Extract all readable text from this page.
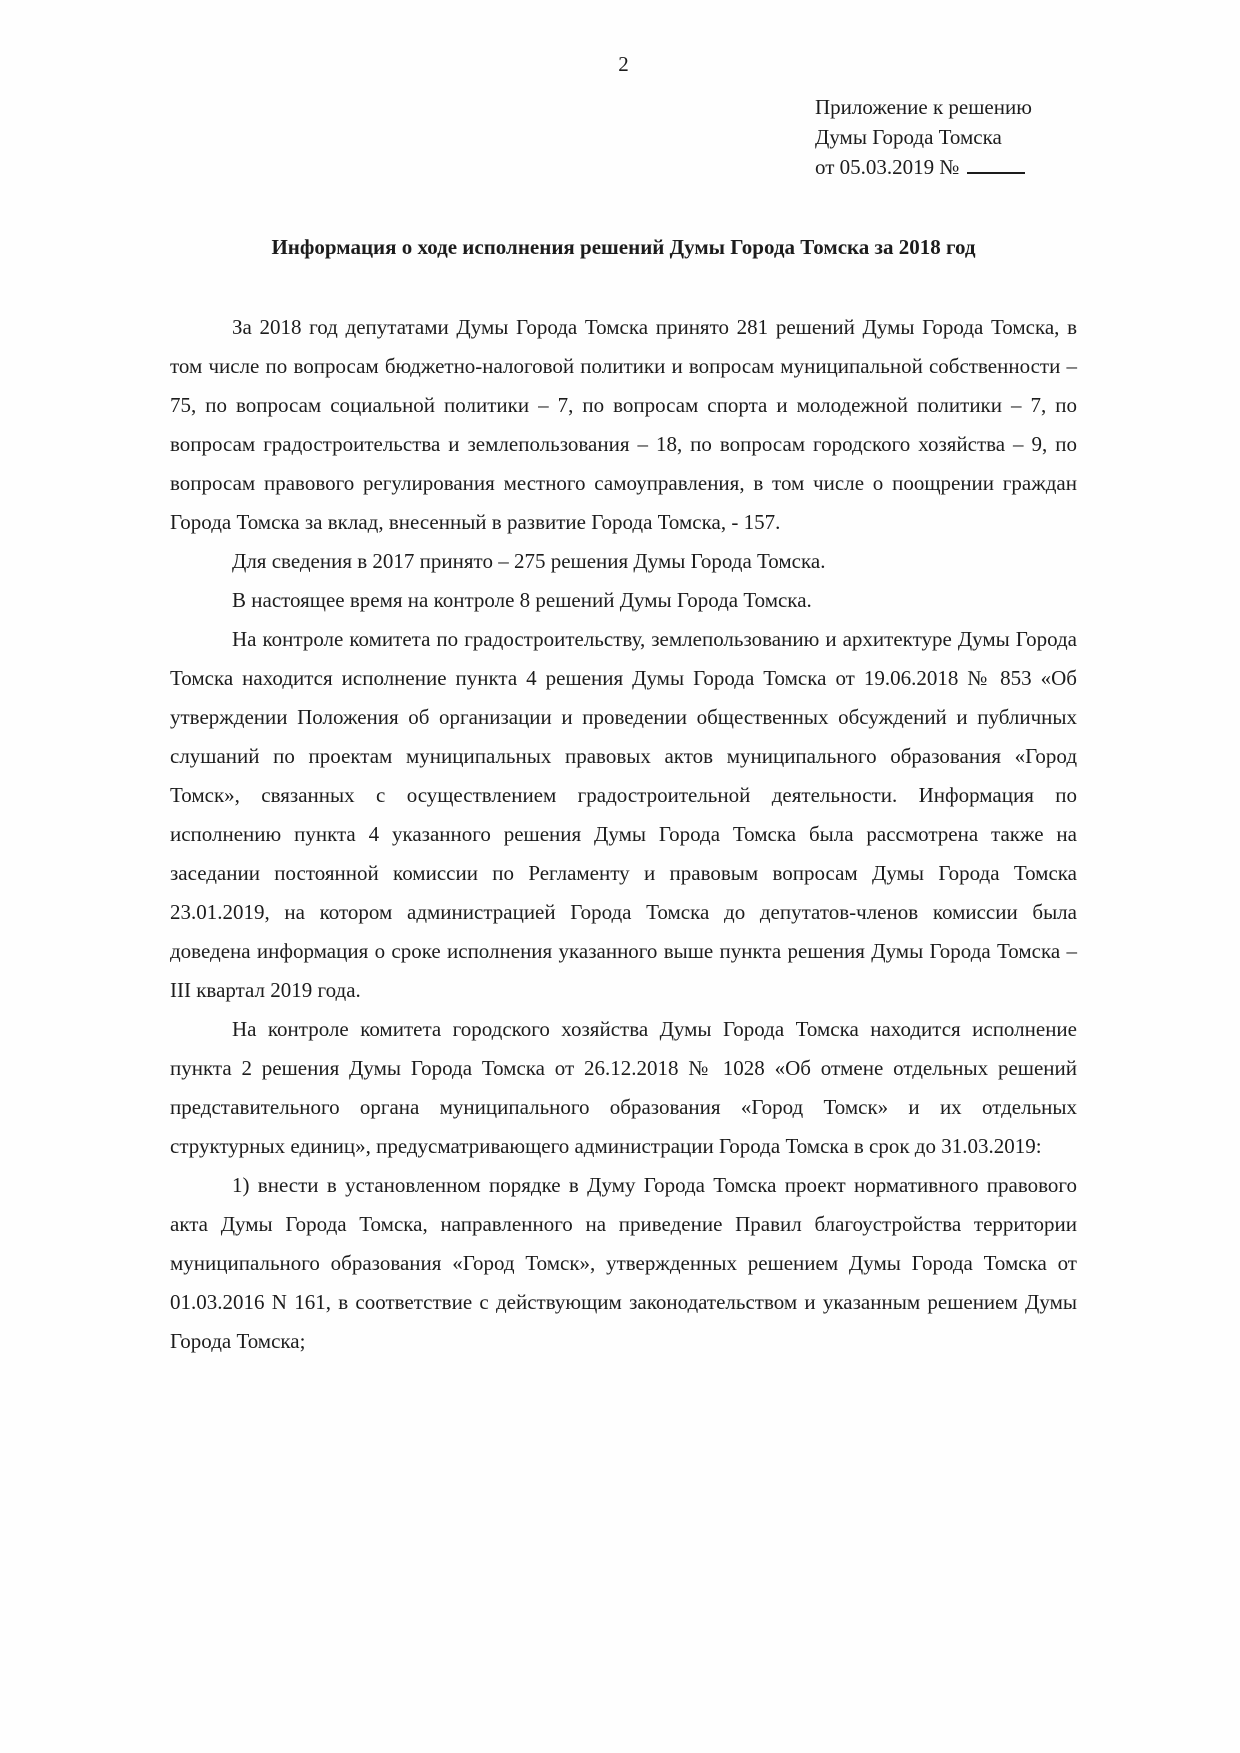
2
Приложение к решению
Думы Города Томска
от 05.03.2019 №
Информация о ходе исполнения решений Думы Города Томска за 2018 год

За 2018 год депутатами Думы Города Томска принято 281 решений Думы Города Томска, в том числе по вопросам бюджетно-налоговой политики и вопросам муниципальной собственности – 75, по вопросам социальной политики – 7, по вопросам спорта и молодежной политики – 7, по вопросам градостроительства и землепользования – 18, по вопросам городского хозяйства – 9, по вопросам правового регулирования местного самоуправления, в том числе о поощрении граждан Города Томска за вклад, внесенный в развитие Города Томска, - 157.

Для сведения в 2017 принято – 275 решения Думы Города Томска.

В настоящее время на контроле 8 решений Думы Города Томска.

На контроле комитета по градостроительству, землепользованию и архитектуре Думы Города Томска находится исполнение пункта 4 решения Думы Города Томска от 19.06.2018 № 853 «Об утверждении Положения об организации и проведении общественных обсуждений и публичных слушаний по проектам муниципальных правовых актов муниципального образования «Город Томск», связанных с осуществлением градостроительной деятельности. Информация по исполнению пункта 4 указанного решения Думы Города Томска была рассмотрена также на заседании постоянной комиссии по Регламенту и правовым вопросам Думы Города Томска 23.01.2019, на котором администрацией Города Томска до депутатов-членов комиссии была доведена информация о сроке исполнения указанного выше пункта решения Думы Города Томска – III квартал 2019 года.

На контроле комитета городского хозяйства Думы Города Томска находится исполнение пункта 2 решения Думы Города Томска от 26.12.2018 № 1028 «Об отмене отдельных решений представительного органа муниципального образования «Город Томск» и их отдельных структурных единиц», предусматривающего администрации Города Томска в срок до 31.03.2019:

1) внести в установленном порядке в Думу Города Томска проект нормативного правового акта Думы Города Томска, направленного на приведение Правил благоустройства территории муниципального образования «Город Томск», утвержденных решением Думы Города Томска от 01.03.2016 N 161, в соответствие с действующим законодательством и указанным решением Думы Города Томска;
